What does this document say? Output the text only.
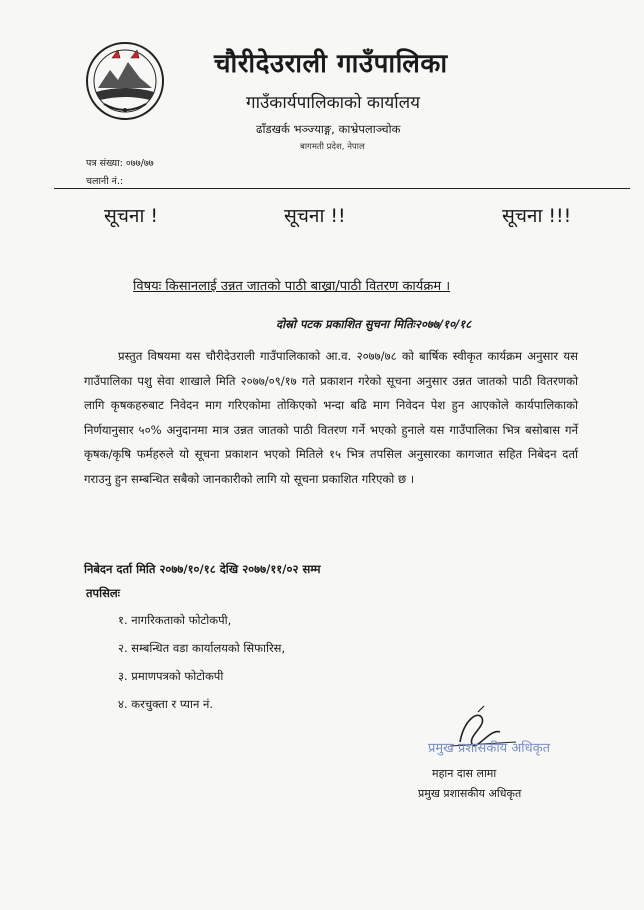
चौरीदेउराली गाउँपालिका
गाउँकार्यपालिकाको कार्यालय
ढाँडखर्क भञ्ज्याङ्ग, काभ्रेपलाञ्चोक
बागमती प्रदेश, नेपाल
पत्र संख्या: ०७७/७७
चलानी नं.:
सूचना !	सूचना !!	सूचना !!!
विषयः किसानलाई उन्नत जातको पाठी बाख्रा/पाठी वितरण कार्यक्रम ।
दोस्रो पटक प्रकाशित सुचना मितिः२०७७/१०/१८
प्रस्तुत विषयमा यस चौरीदेउराली गाउँपालिकाको आ.व. २०७७/७८ को बार्षिक स्वीकृत कार्यक्रम अनुसार यस गाउँपालिका पशु सेवा शाखाले मिति २०७७/०९/१७ गते प्रकाशन गरेको सूचना अनुसार उन्नत जातको पाठी वितरणको लागि कृषकहरुबाट निवेदन माग गरिएकोमा तोकिएको भन्दा बढि माग निवेदन पेश हुन आएकोले कार्यपालिकाको निर्णयानुसार ५०% अनुदानमा मात्र उन्नत जातको पाठी वितरण गर्ने भएको हुनाले यस गाउँपालिका भित्र बसोबास गर्ने कृषक/कृषि फर्महरुले यो सूचना प्रकाशन भएको मितिले १५ भित्र तपसिल अनुसारका कागजात सहित निबेदन दर्ता गराउनु हुन सम्बन्धित सबैको जानकारीको लागि यो सूचना प्रकाशित गरिएको छ ।
निबेदन दर्ता मिति २०७७/१०/१८ देखि २०७७/११/०२ सम्म
तपसिलः
१. नागरिकताको फोटोकपी,
२. सम्बन्धित वडा कार्यालयको सिफारिस,
३. प्रमाणपत्रको फोटोकपी
४. करचुक्ता र प्यान नं.
प्रमुख प्रशासकीय अधिकृत
महान दास लामा
प्रमुख प्रशासकीय अधिकृत
